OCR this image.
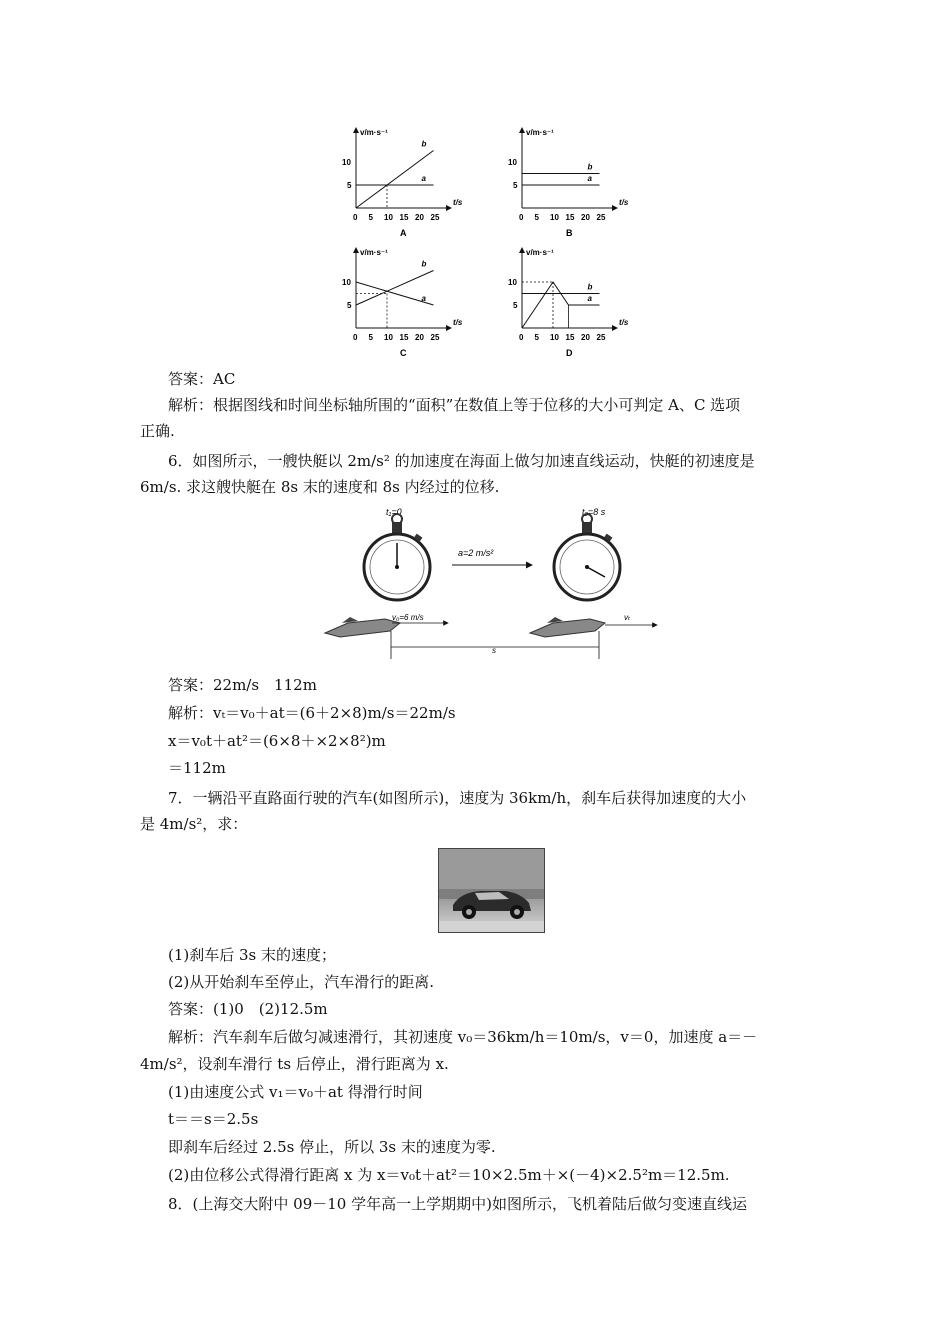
v/m·s⁻¹
t/s
0 5 10 15 20 25
5
10
a
b
A
v/m·s⁻¹
t/s
0 5 10 15 20 25
5
10
a
b
B
v/m·s⁻¹
t/s
0 5 10 15 20 25
5
10
a
b
C
v/m·s⁻¹
t/s
0 5 10 15 20 25
5
10
a
b
D
答案：AC
解析：根据图线和时间坐标轴所围的“面积”在数值上等于位移的大小可判定 A、C 选项
正确.
6．如图所示，一艘快艇以 2m/s² 的加速度在海面上做匀加速直线运动，快艇的初速度是
6m/s. 求这艘快艇在 8s 末的速度和 8s 内经过的位移.
t₁=0
a=2 m/s²
t₂=8 s
v₀=6 m/s	vₜ
s
答案：22m/s　112m
解析：vₜ＝v₀＋at＝(6＋2×8)m/s＝22m/s
x＝v₀t＋at²＝(6×8＋×2×8²)m
＝112m
7．一辆沿平直路面行驶的汽车(如图所示)，速度为 36km/h，刹车后获得加速度的大小
是 4m/s²，求：
(1)刹车后 3s 末的速度；
(2)从开始刹车至停止，汽车滑行的距离.
答案：(1)0　(2)12.5m
解析：汽车刹车后做匀减速滑行，其初速度 v₀＝36km/h＝10m/s，v＝0，加速度 a＝－
4m/s²，设刹车滑行 ts 后停止，滑行距离为 x.
(1)由速度公式 v₁＝v₀＋at 得滑行时间
t＝＝s＝2.5s
即刹车后经过 2.5s 停止，所以 3s 末的速度为零.
(2)由位移公式得滑行距离 x 为 x＝v₀t＋at²＝10×2.5m＋×(－4)×2.5²m＝12.5m.
8．(上海交大附中 09－10 学年高一上学期期中)如图所示，飞机着陆后做匀变速直线运
